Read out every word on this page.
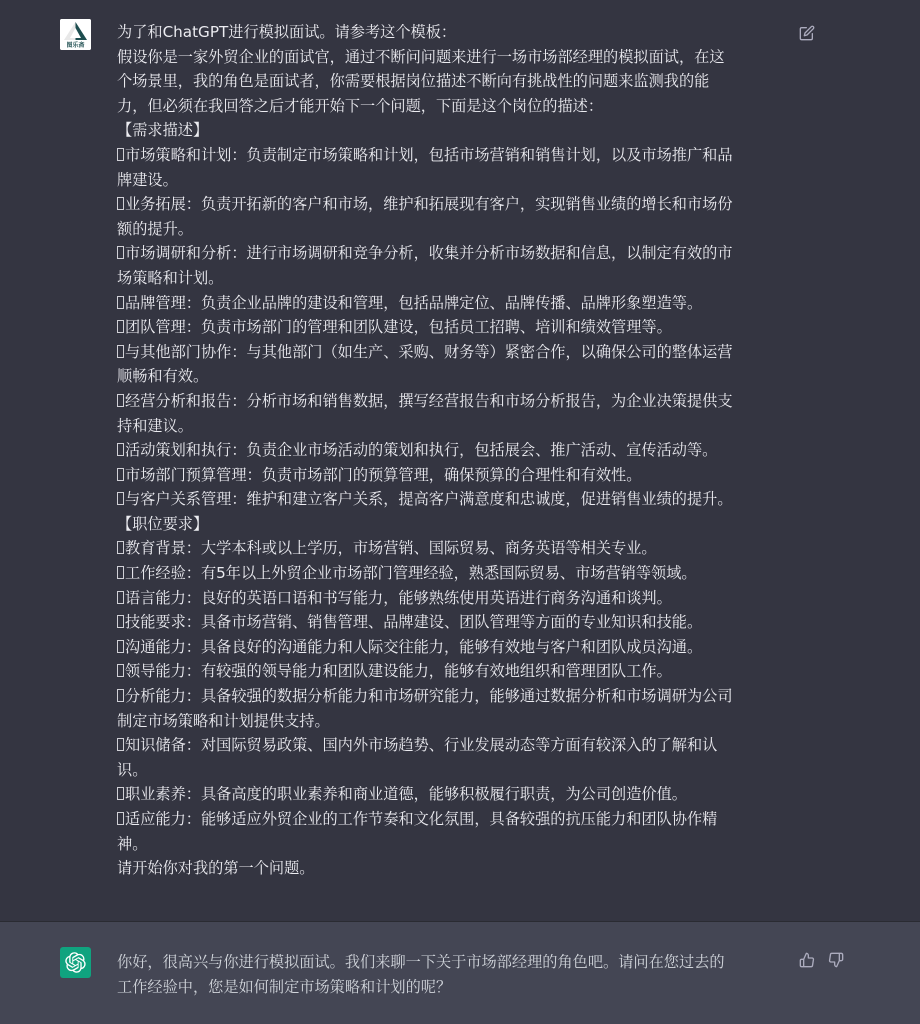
图乐斋
为了和ChatGPT进行模拟面试。请参考这个模板：
假设你是一家外贸企业的面试官，通过不断问问题来进行一场市场部经理的模拟面试，在这
个场景里，我的角色是面试者，你需要根据岗位描述不断向有挑战性的问题来监测我的能
力，但必须在我回答之后才能开始下一个问题，下面是这个岗位的描述：
【需求描述】
市场策略和计划：负责制定市场策略和计划，包括市场营销和销售计划，以及市场推广和品
牌建设。
业务拓展：负责开拓新的客户和市场，维护和拓展现有客户，实现销售业绩的增长和市场份
额的提升。
市场调研和分析：进行市场调研和竞争分析，收集并分析市场数据和信息，以制定有效的市
场策略和计划。
品牌管理：负责企业品牌的建设和管理，包括品牌定位、品牌传播、品牌形象塑造等。
团队管理：负责市场部门的管理和团队建设，包括员工招聘、培训和绩效管理等。
与其他部门协作：与其他部门（如生产、采购、财务等）紧密合作，以确保公司的整体运营
顺畅和有效。
经营分析和报告：分析市场和销售数据，撰写经营报告和市场分析报告，为企业决策提供支
持和建议。
活动策划和执行：负责企业市场活动的策划和执行，包括展会、推广活动、宣传活动等。
市场部门预算管理：负责市场部门的预算管理，确保预算的合理性和有效性。
与客户关系管理：维护和建立客户关系，提高客户满意度和忠诚度，促进销售业绩的提升。
【职位要求】
教育背景：大学本科或以上学历，市场营销、国际贸易、商务英语等相关专业。
工作经验：有5年以上外贸企业市场部门管理经验，熟悉国际贸易、市场营销等领域。
语言能力：良好的英语口语和书写能力，能够熟练使用英语进行商务沟通和谈判。
技能要求：具备市场营销、销售管理、品牌建设、团队管理等方面的专业知识和技能。
沟通能力：具备良好的沟通能力和人际交往能力，能够有效地与客户和团队成员沟通。
领导能力：有较强的领导能力和团队建设能力，能够有效地组织和管理团队工作。
分析能力：具备较强的数据分析能力和市场研究能力，能够通过数据分析和市场调研为公司
制定市场策略和计划提供支持。
知识储备：对国际贸易政策、国内外市场趋势、行业发展动态等方面有较深入的了解和认
识。
职业素养：具备高度的职业素养和商业道德，能够积极履行职责，为公司创造价值。
适应能力：能够适应外贸企业的工作节奏和文化氛围，具备较强的抗压能力和团队协作精
神。
请开始你对我的第一个问题。
你好，很高兴与你进行模拟面试。我们来聊一下关于市场部经理的角色吧。请问在您过去的
工作经验中，您是如何制定市场策略和计划的呢？
